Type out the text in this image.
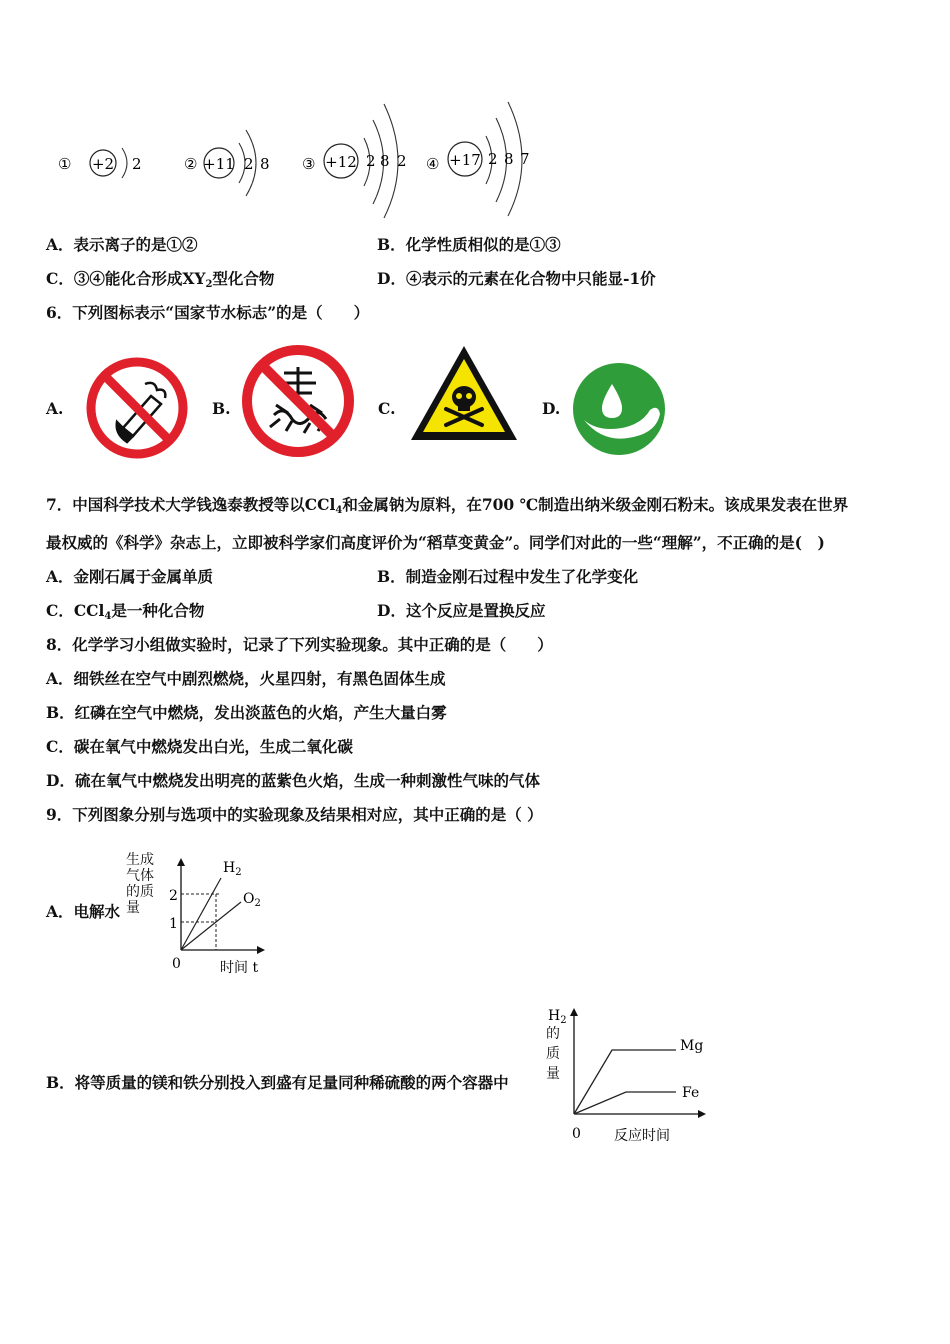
① +2 2	② +11 2 8 ③ +12 2 8 2 ④ +17 2 8 7
A．表示离子的是①②	B．化学性质相似的是①③
C．③④能化合形成$XY_2$型化合物	D．④表示的元素在化合物中只能显-1价
6．下列图标表示“国家节水标志”的是（　　）
A.	B.	C.	D.
7．中国科学技术大学钱逸泰教授等以CCl$_4$和金属钠为原料，在700 ℃制造出纳米级金刚石粉末。该成果发表在世界
最权威的《科学》杂志上，立即被科学家们高度评价为“稻草变黄金”。同学们对此的一些“理解”，不正确的是(　)
A．金刚石属于金属单质	B．制造金刚石过程中发生了化学变化
C．CCl$_4$是一种化合物	D．这个反应是置换反应
8．化学学习小组做实验时，记录了下列实验现象。其中正确的是（　　）
A．细铁丝在空气中剧烈燃烧，火星四射，有黑色固体生成
B．红磷在空气中燃烧，发出淡蓝色的火焰，产生大量白雾
C．碳在氧气中燃烧发出白光，生成二氧化碳
D．硫在氧气中燃烧发出明亮的蓝紫色火焰，生成一种刺激性气味的气体
9．下列图象分别与选项中的实验现象及结果相对应，其中正确的是（ ）
A．电解水
生成气体的质量
2
1
0	时间 t
$H_2$
$O_2$
B．将等质量的镁和铁分别投入到盛有足量同种稀硫酸的两个容器中
$H_2$
的质量
Mg
Fe
0 反应时间
